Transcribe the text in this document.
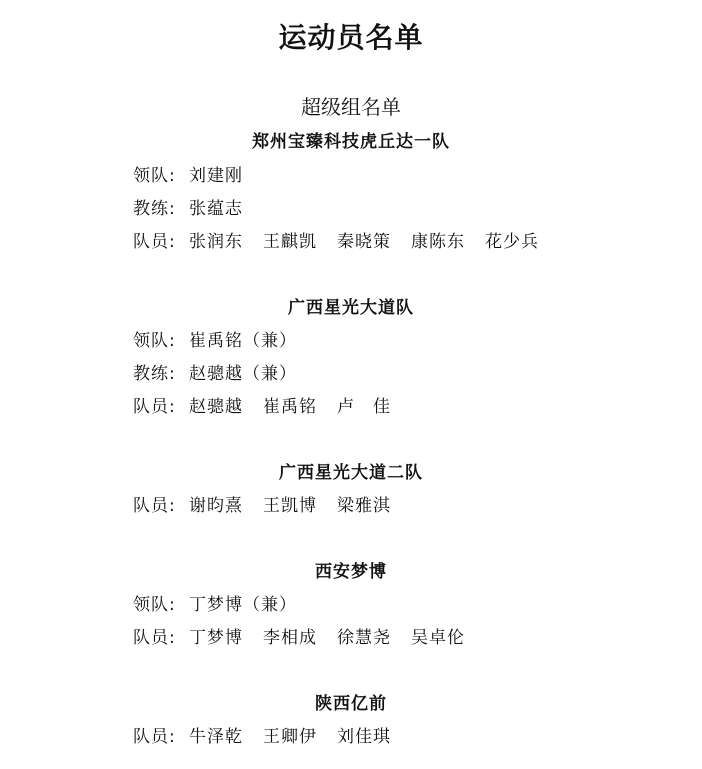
运动员名单
超级组名单
郑州宝臻科技虎丘达一队
领队: 刘建刚
教练: 张蕴志
队员: 张润东 王麒凯 秦晓策 康陈东 花少兵
广西星光大道队
领队: 崔禹铭（兼）
教练: 赵骢越（兼）
队员: 赵骢越 崔禹铭 卢　佳
广西星光大道二队
队员: 谢昀熹 王凯博 梁雅淇
西安梦博
领队: 丁梦博（兼）
队员: 丁梦博 李相成 徐慧尧 吴卓伦
陕西亿前
队员: 牛泽乾 王卿伊 刘佳琪
